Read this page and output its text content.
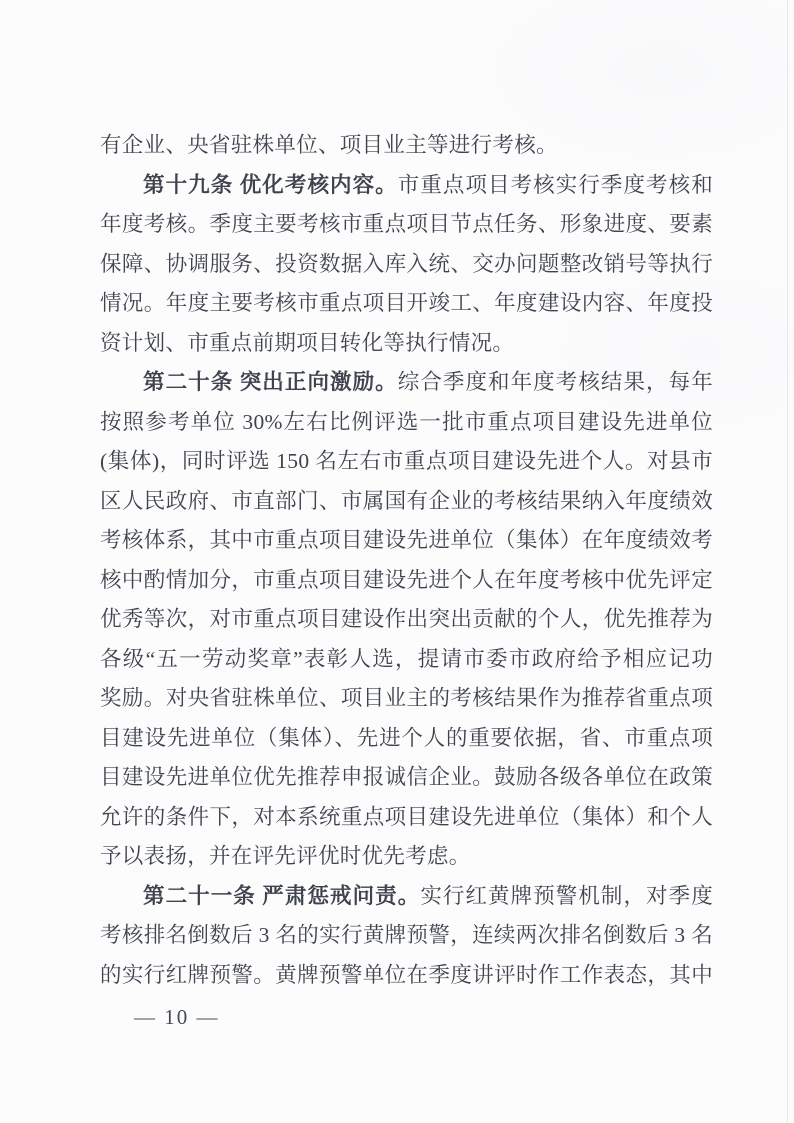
有企业、央省驻株单位、项目业主等进行考核。
第十九条 优化考核内容。市重点项目考核实行季度考核和
年度考核。季度主要考核市重点项目节点任务、形象进度、要素
保障、协调服务、投资数据入库入统、交办问题整改销号等执行
情况。年度主要考核市重点项目开竣工、年度建设内容、年度投
资计划、市重点前期项目转化等执行情况。
第二十条 突出正向激励。综合季度和年度考核结果，每年
按照参考单位 30%左右比例评选一批市重点项目建设先进单位
(集体)，同时评选 150 名左右市重点项目建设先进个人。对县市
区人民政府、市直部门、市属国有企业的考核结果纳入年度绩效
考核体系，其中市重点项目建设先进单位（集体）在年度绩效考
核中酌情加分，市重点项目建设先进个人在年度考核中优先评定
优秀等次，对市重点项目建设作出突出贡献的个人，优先推荐为
各级“五一劳动奖章”表彰人选，提请市委市政府给予相应记功
奖励。对央省驻株单位、项目业主的考核结果作为推荐省重点项
目建设先进单位（集体）、先进个人的重要依据，省、市重点项
目建设先进单位优先推荐申报诚信企业。鼓励各级各单位在政策
允许的条件下，对本系统重点项目建设先进单位（集体）和个人
予以表扬，并在评先评优时优先考虑。
第二十一条 严肃惩戒问责。实行红黄牌预警机制，对季度
考核排名倒数后 3 名的实行黄牌预警，连续两次排名倒数后 3 名
的实行红牌预警。黄牌预警单位在季度讲评时作工作表态，其中
— 10 —
